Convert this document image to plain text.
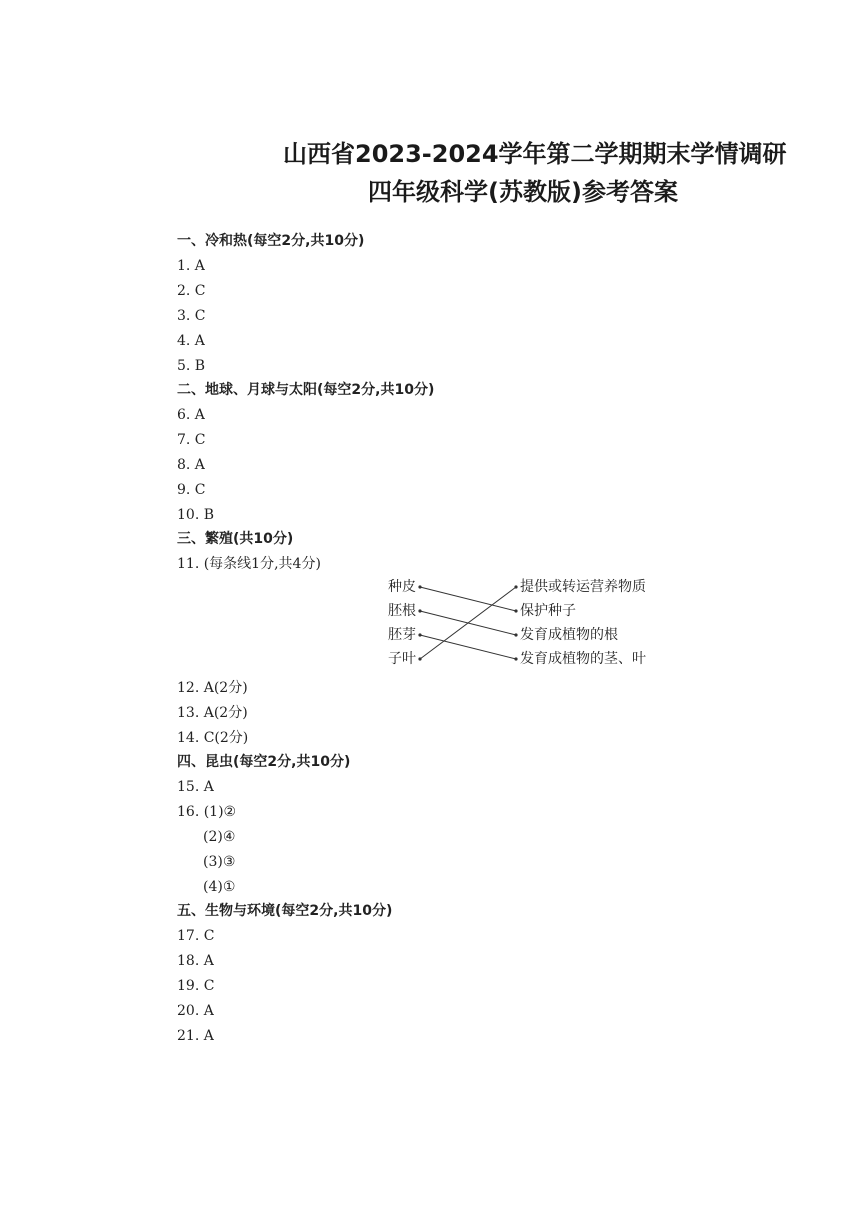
山西省2023-2024学年第二学期期末学情调研
四年级科学(苏教版)参考答案
一、冷和热(每空2分,共10分)
1. A
2. C
3. C
4. A
5. B
二、地球、月球与太阳(每空2分,共10分)
6. A
7. C
8. A
9. C
10. B
三、繁殖(共10分)
11. (每条线1分,共4分)
种皮
胚根
胚芽
子叶
提供或转运营养物质
保护种子
发育成植物的根
发育成植物的茎、叶
12. A(2分)
13. A(2分)
14. C(2分)
四、昆虫(每空2分,共10分)
15. A
16. (1)②
(2)④
(3)③
(4)①
五、生物与环境(每空2分,共10分)
17. C
18. A
19. C
20. A
21. A
